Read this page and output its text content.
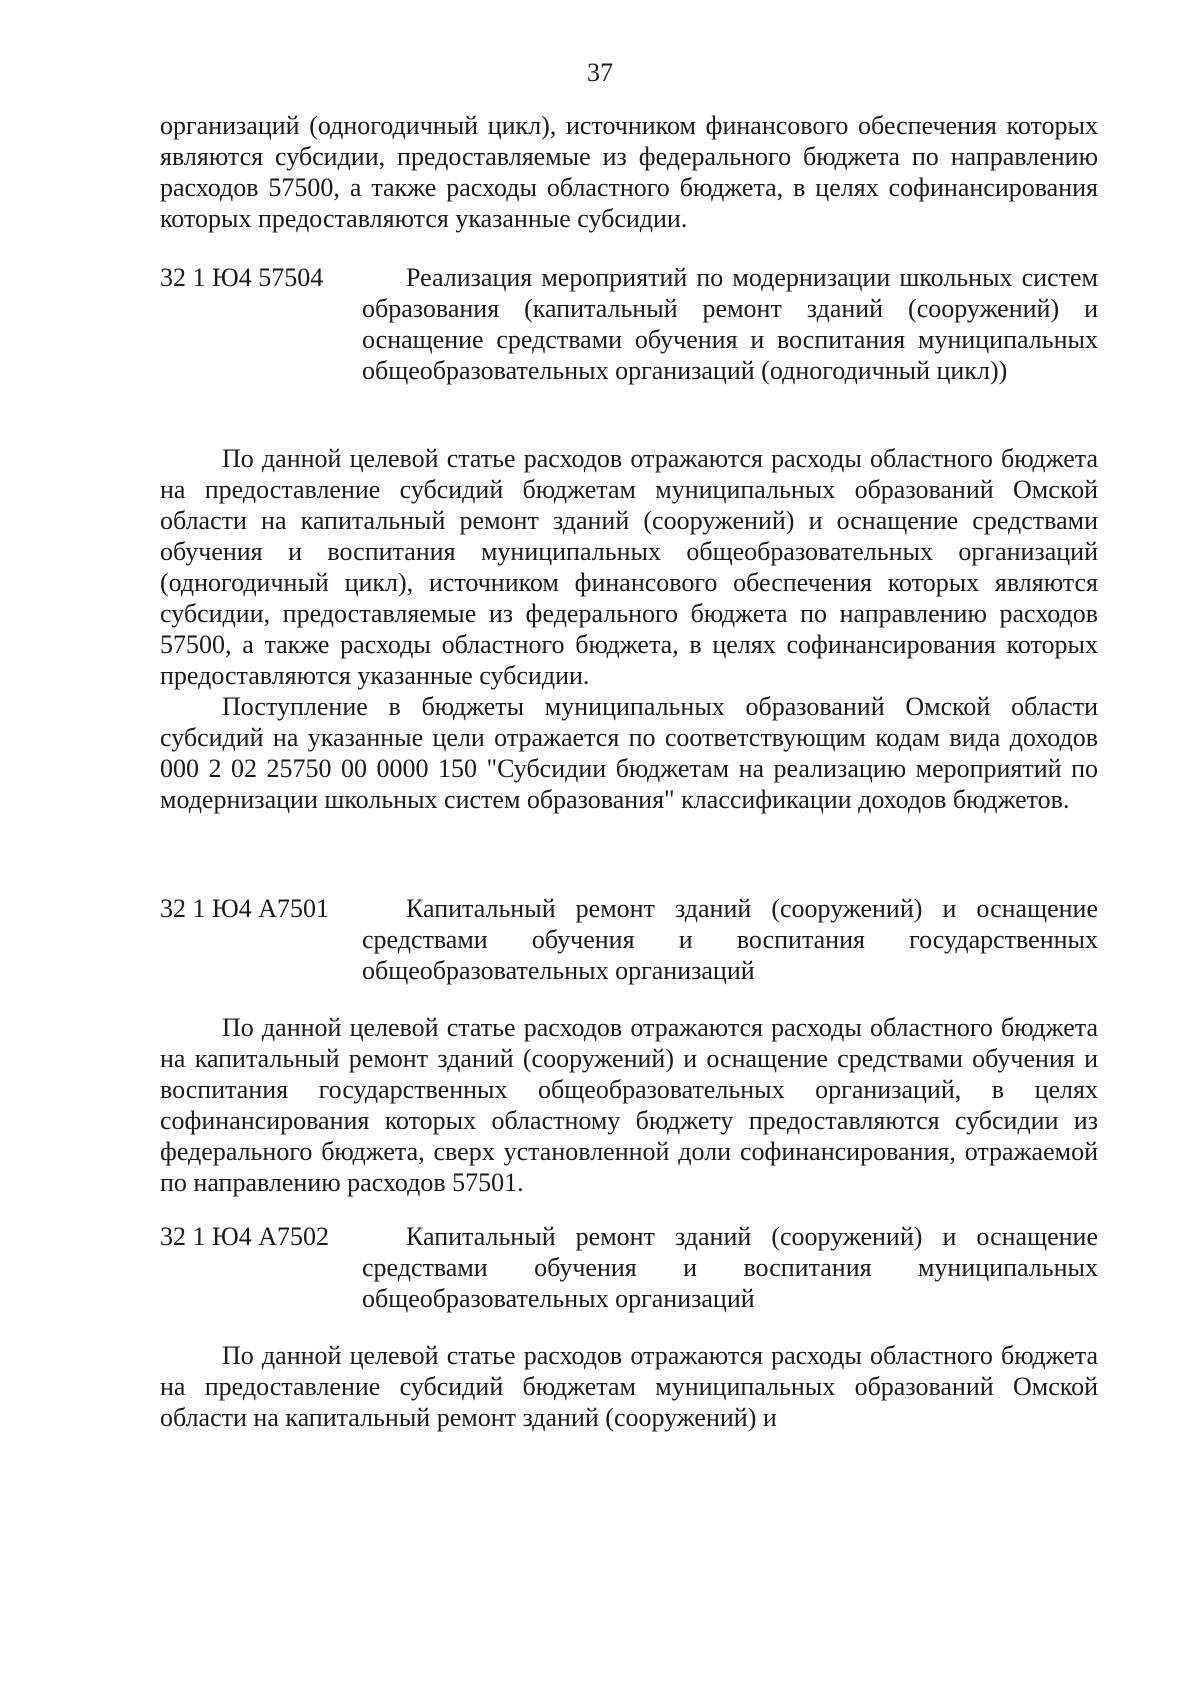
37

организаций (одногодичный цикл), источником финансового обеспечения которых являются субсидии, предоставляемые из федерального бюджета по направлению расходов 57500, а также расходы областного бюджета, в целях софинансирования которых предоставляются указанные субсидии.

32 1 Ю4 57504	Реализация мероприятий по модернизации школьных систем образования (капитальный ремонт зданий (сооружений) и оснащение средствами обучения и воспитания муниципальных общеобразовательных организаций (одногодичный цикл))

По данной целевой статье расходов отражаются расходы областного бюджета на предоставление субсидий бюджетам муниципальных образований Омской области на капитальный ремонт зданий (сооружений) и оснащение средствами обучения и воспитания муниципальных общеобразовательных организаций (одногодичный цикл), источником финансового обеспечения которых являются субсидии, предоставляемые из федерального бюджета по направлению расходов 57500, а также расходы областного бюджета, в целях софинансирования которых предоставляются указанные субсидии.

Поступление в бюджеты муниципальных образований Омской области субсидий на указанные цели отражается по соответствующим кодам вида доходов 000 2 02 25750 00 0000 150 "Субсидии бюджетам на реализацию мероприятий по модернизации школьных систем образования" классификации доходов бюджетов.

32 1 Ю4 А7501	Капитальный ремонт зданий (сооружений) и оснащение средствами обучения и воспитания государственных общеобразовательных организаций

По данной целевой статье расходов отражаются расходы областного бюджета на капитальный ремонт зданий (сооружений) и оснащение средствами обучения и воспитания государственных общеобразовательных организаций, в целях софинансирования которых областному бюджету предоставляются субсидии из федерального бюджета, сверх установленной доли софинансирования, отражаемой по направлению расходов 57501.

32 1 Ю4 А7502	Капитальный ремонт зданий (сооружений) и оснащение средствами обучения и воспитания муниципальных общеобразовательных организаций

По данной целевой статье расходов отражаются расходы областного бюджета на предоставление субсидий бюджетам муниципальных образований Омской области на капитальный ремонт зданий (сооружений) и
